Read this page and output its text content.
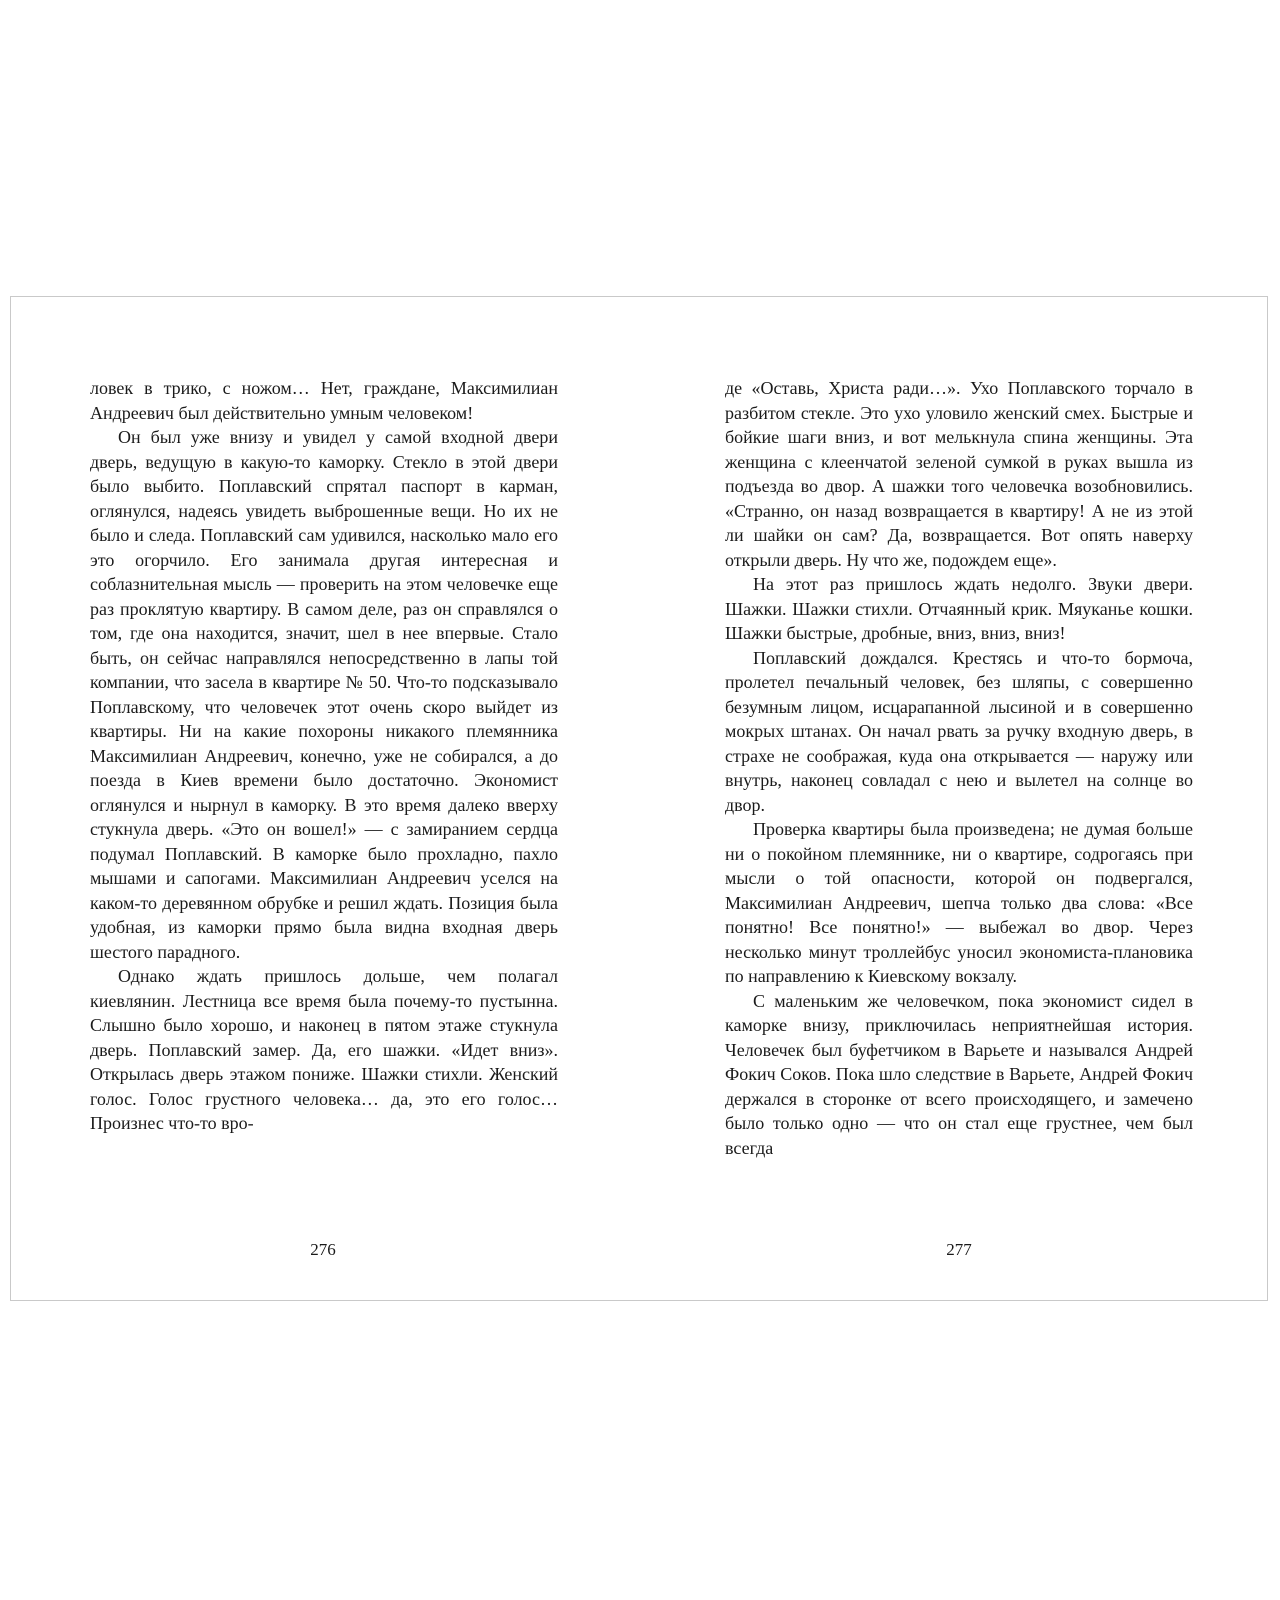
ловек в трико, с ножом… Нет, граждане, Максимилиан Андреевич был действительно умным человеком!

Он был уже внизу и увидел у самой входной двери дверь, ведущую в какую-то каморку. Стекло в этой двери было выбито. Поплавский спрятал паспорт в карман, оглянулся, надеясь увидеть выброшенные вещи. Но их не было и следа. Поплавский сам удивился, насколько мало его это огорчило. Его занимала другая интересная и соблазнительная мысль — проверить на этом человечке еще раз проклятую квартиру. В самом деле, раз он справлялся о том, где она находится, значит, шел в нее впервые. Стало быть, он сейчас направлялся непосредственно в лапы той компании, что засела в квартире № 50. Что-то подсказывало Поплавскому, что человечек этот очень скоро выйдет из квартиры. Ни на какие похороны никакого племянника Максимилиан Андреевич, конечно, уже не собирался, а до поезда в Киев времени было достаточно. Экономист оглянулся и нырнул в каморку. В это время далеко вверху стукнула дверь. «Это он вошел!» — с замиранием сердца подумал Поплавский. В каморке было прохладно, пахло мышами и сапогами. Максимилиан Андреевич уселся на каком-то деревянном обрубке и решил ждать. Позиция была удобная, из каморки прямо была видна входная дверь шестого парадного.

Однако ждать пришлось дольше, чем полагал киевлянин. Лестница все время была почему-то пустынна. Слышно было хорошо, и наконец в пятом этаже стукнула дверь. Поплавский замер. Да, его шажки. «Идет вниз». Открылась дверь этажом пониже. Шажки стихли. Женский голос. Голос грустного человека… да, это его голос… Произнес что-то вро-

276

де «Оставь, Христа ради…». Ухо Поплавского торчало в разбитом стекле. Это ухо уловило женский смех. Быстрые и бойкие шаги вниз, и вот мелькнула спина женщины. Эта женщина с клеенчатой зеленой сумкой в руках вышла из подъезда во двор. А шажки того человечка возобновились. «Странно, он назад возвращается в квартиру! А не из этой ли шайки он сам? Да, возвращается. Вот опять наверху открыли дверь. Ну что же, подождем еще».

На этот раз пришлось ждать недолго. Звуки двери. Шажки. Шажки стихли. Отчаянный крик. Мяуканье кошки. Шажки быстрые, дробные, вниз, вниз, вниз!

Поплавский дождался. Крестясь и что-то бормоча, пролетел печальный человек, без шляпы, с совершенно безумным лицом, исцарапанной лысиной и в совершенно мокрых штанах. Он начал рвать за ручку входную дверь, в страхе не соображая, куда она открывается — наружу или внутрь, наконец совладал с нею и вылетел на солнце во двор.

Проверка квартиры была произведена; не думая больше ни о покойном племяннике, ни о квартире, содрогаясь при мысли о той опасности, которой он подвергался, Максимилиан Андреевич, шепча только два слова: «Все понятно! Все понятно!» — выбежал во двор. Через несколько минут троллейбус уносил экономиста-плановика по направлению к Киевскому вокзалу.

С маленьким же человечком, пока экономист сидел в каморке внизу, приключилась неприятнейшая история. Человечек был буфетчиком в Варьете и назывался Андрей Фокич Соков. Пока шло следствие в Варьете, Андрей Фокич держался в сторонке от всего происходящего, и замечено было только одно — что он стал еще грустнее, чем был всегда

277
